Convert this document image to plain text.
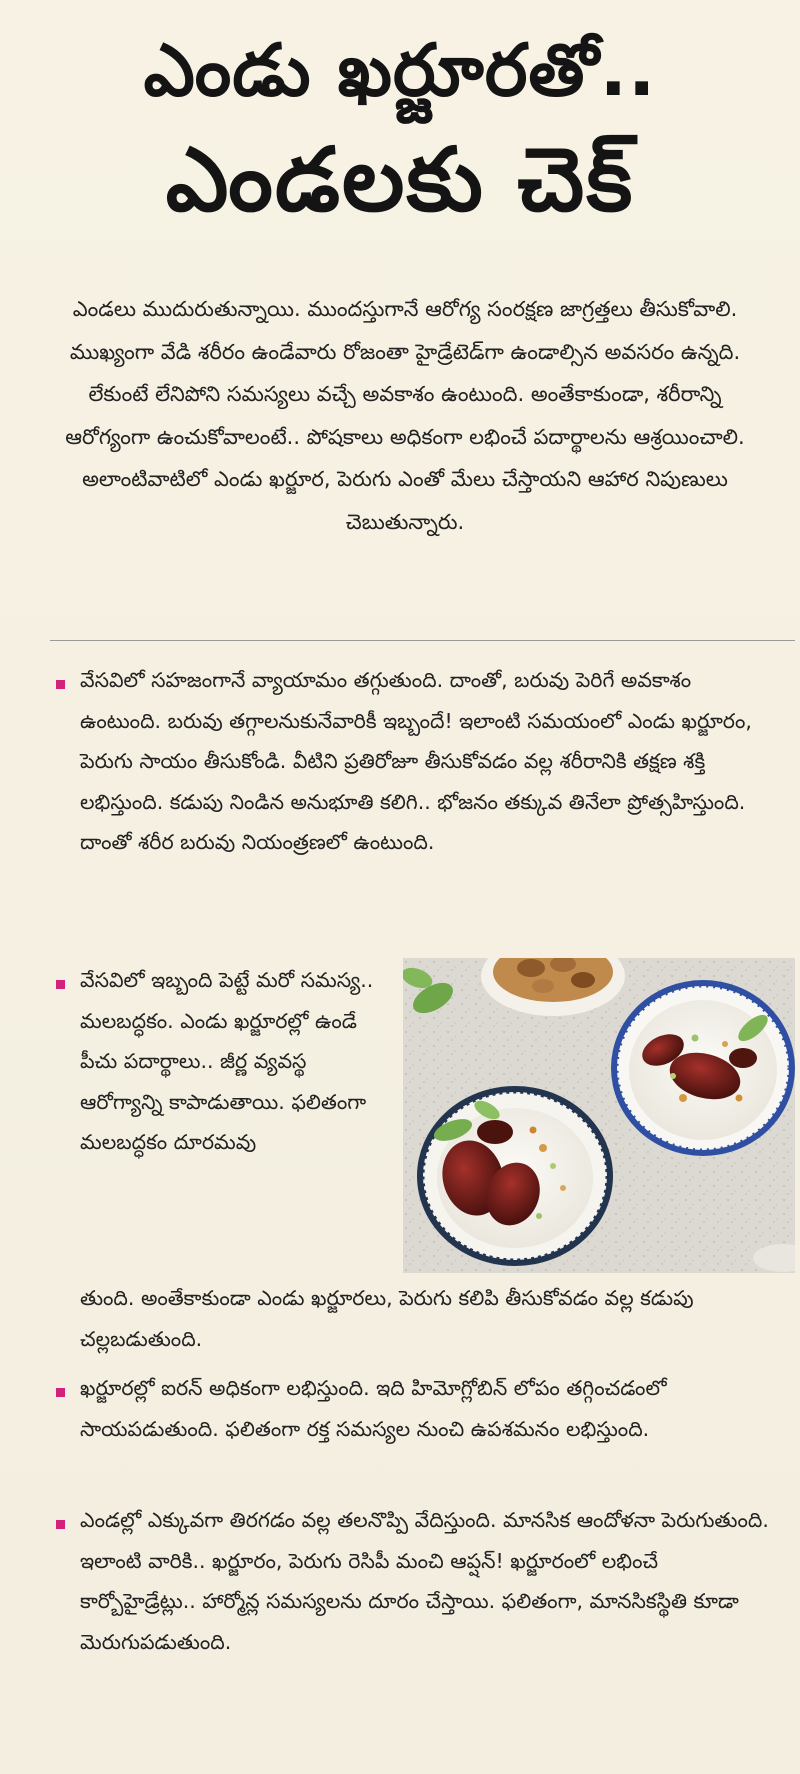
ఎండు ఖర్జూరతో..
ఎండలకు చెక్
ఎండలు ముదురుతున్నాయి. ముందస్తుగానే ఆరోగ్య సంరక్షణ జాగ్రత్తలు తీసుకోవాలి. ముఖ్యంగా వేడి శరీరం ఉండేవారు రోజంతా హైడ్రేటెడ్‌గా ఉండాల్సిన అవసరం ఉన్నది. లేకుంటే లేనిపోని సమస్యలు వచ్చే అవకాశం ఉంటుంది. అంతేకాకుండా, శరీరాన్ని ఆరోగ్యంగా ఉంచుకోవాలంటే.. పోషకాలు అధికంగా లభించే పదార్థాలను ఆశ్రయించాలి. అలాంటివాటిలో ఎండు ఖర్జూర, పెరుగు ఎంతో మేలు చేస్తాయని ఆహార నిపుణులు చెబుతున్నారు.
వేసవిలో సహజంగానే వ్యాయామం తగ్గుతుంది. దాంతో, బరువు పెరిగే అవకాశం ఉంటుంది. బరువు తగ్గాలనుకునేవారికీ ఇబ్బందే! ఇలాంటి సమయంలో ఎండు ఖర్జూరం, పెరుగు సాయం తీసుకోండి. వీటిని ప్రతిరోజూ తీసుకోవడం వల్ల శరీరానికి తక్షణ శక్తి లభిస్తుంది. కడుపు నిండిన అనుభూతి కలిగి.. భోజనం తక్కువ తినేలా ప్రోత్సహిస్తుంది. దాంతో శరీర బరువు నియంత్రణలో ఉంటుంది.
వేసవిలో ఇబ్బంది పెట్టే మరో సమస్య.. మలబద్ధకం. ఎండు ఖర్జూరల్లో ఉండే పీచు పదార్థాలు.. జీర్ణ వ్యవస్థ ఆరోగ్యాన్ని కాపాడుతాయి. ఫలితంగా మలబద్ధకం దూరమవు
తుంది. అంతేకాకుండా ఎండు ఖర్జూరలు, పెరుగు కలిపి తీసుకోవడం వల్ల కడుపు చల్లబడుతుంది.
ఖర్జూరల్లో ఐరన్ అధికంగా లభిస్తుంది. ఇది హిమోగ్లోబిన్ లోపం తగ్గించడంలో సాయపడుతుంది. ఫలితంగా రక్త సమస్యల నుంచి ఉపశమనం లభిస్తుంది.
ఎండల్లో ఎక్కువగా తిరగడం వల్ల తలనొప్పి వేదిస్తుంది. మానసిక ఆందోళనా పెరుగుతుంది. ఇలాంటి వారికి.. ఖర్జూరం, పెరుగు రెసిపీ మంచి ఆప్షన్! ఖర్జూరంలో లభించే కార్బోహైడ్రేట్లు.. హార్మోన్ల సమస్యలను దూరం చేస్తాయి. ఫలితంగా, మానసికస్థితి కూడా మెరుగుపడుతుంది.
